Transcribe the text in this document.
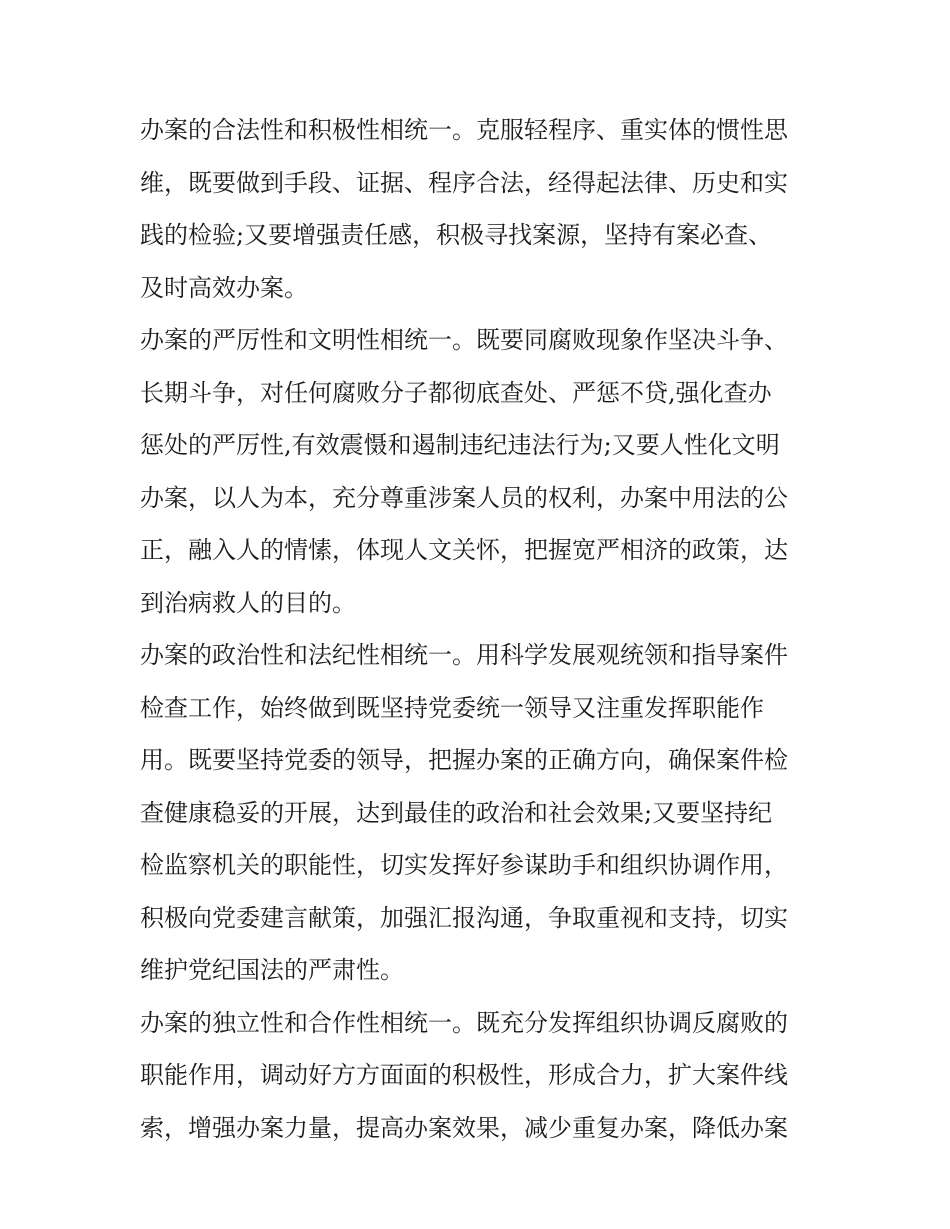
办案的合法性和积极性相统一。克服轻程序、重实体的惯性思
维，既要做到手段、证据、程序合法，经得起法律、历史和实
践的检验;又要增强责任感，积极寻找案源，坚持有案必查、
及时高效办案。

办案的严厉性和文明性相统一。既要同腐败现象作坚决斗争、
长期斗争，对任何腐败分子都彻底查处、严惩不贷,强化查办
惩处的严厉性,有效震慑和遏制违纪违法行为;又要人性化文明
办案，以人为本，充分尊重涉案人员的权利，办案中用法的公
正，融入人的情愫，体现人文关怀，把握宽严相济的政策，达
到治病救人的目的。

办案的政治性和法纪性相统一。用科学发展观统领和指导案件
检查工作，始终做到既坚持党委统一领导又注重发挥职能作
用。既要坚持党委的领导，把握办案的正确方向，确保案件检
查健康稳妥的开展，达到最佳的政治和社会效果;又要坚持纪
检监察机关的职能性，切实发挥好参谋助手和组织协调作用，
积极向党委建言献策，加强汇报沟通，争取重视和支持，切实
维护党纪国法的严肃性。

办案的独立性和合作性相统一。既充分发挥组织协调反腐败的
职能作用，调动好方方面面的积极性，形成合力，扩大案件线
索，增强办案力量，提高办案效果，减少重复办案，降低办案
